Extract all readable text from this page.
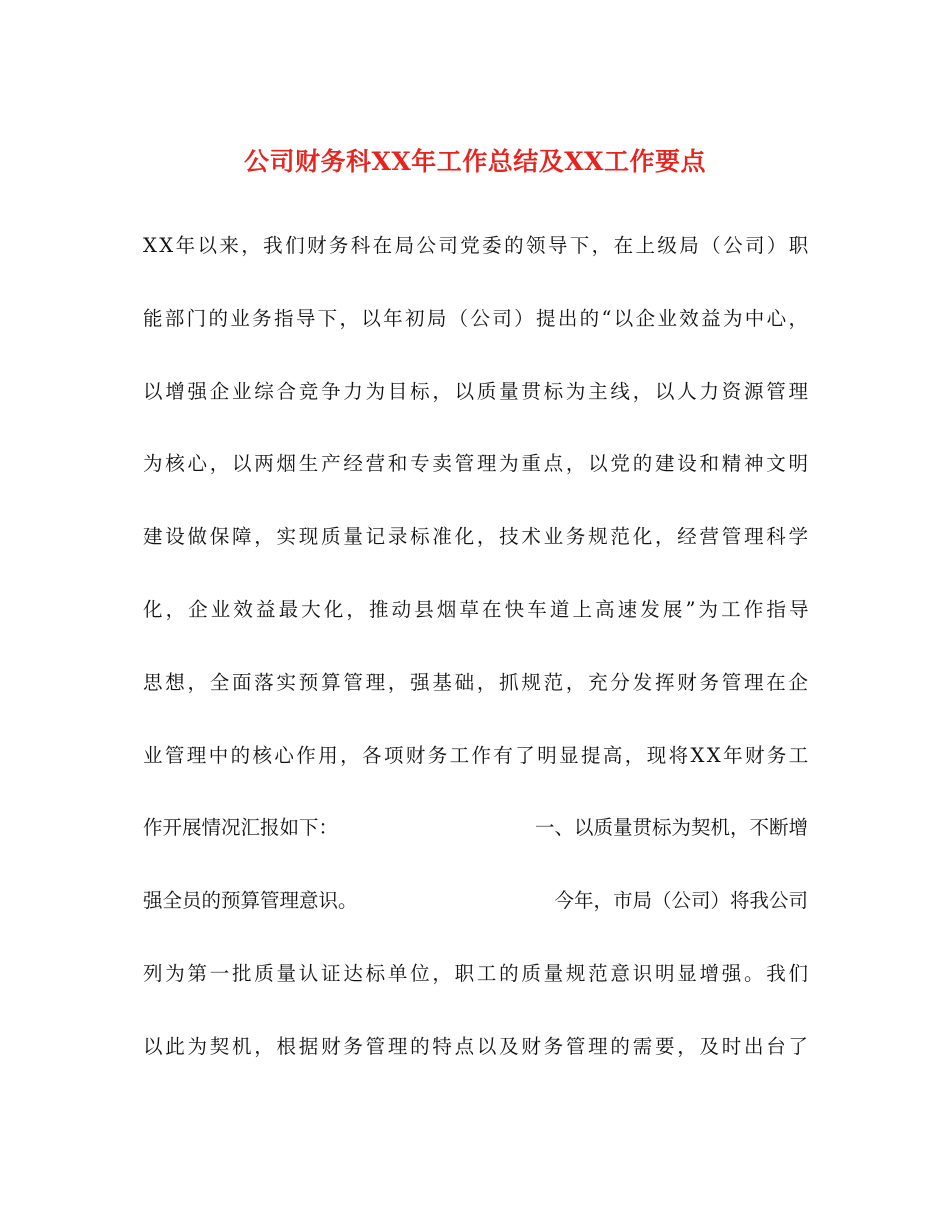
公司财务科XX年工作总结及XX工作要点
XX年以来，我们财务科在局公司党委的领导下，在上级局（公司）职
能部门的业务指导下，以年初局（公司）提出的“以企业效益为中心，
以增强企业综合竞争力为目标，以质量贯标为主线，以人力资源管理
为核心，以两烟生产经营和专卖管理为重点，以党的建设和精神文明
建设做保障，实现质量记录标准化，技术业务规范化，经营管理科学
化，企业效益最大化，推动县烟草在快车道上高速发展”为工作指导
思想，全面落实预算管理，强基础，抓规范，充分发挥财务管理在企
业管理中的核心作用，各项财务工作有了明显提高，现将XX年财务工
作开展情况汇报如下：	一、以质量贯标为契机，不断增
强全员的预算管理意识。	今年，市局（公司）将我公司
列为第一批质量认证达标单位，职工的质量规范意识明显增强。我们
以此为契机，根据财务管理的特点以及财务管理的需要，及时出台了
